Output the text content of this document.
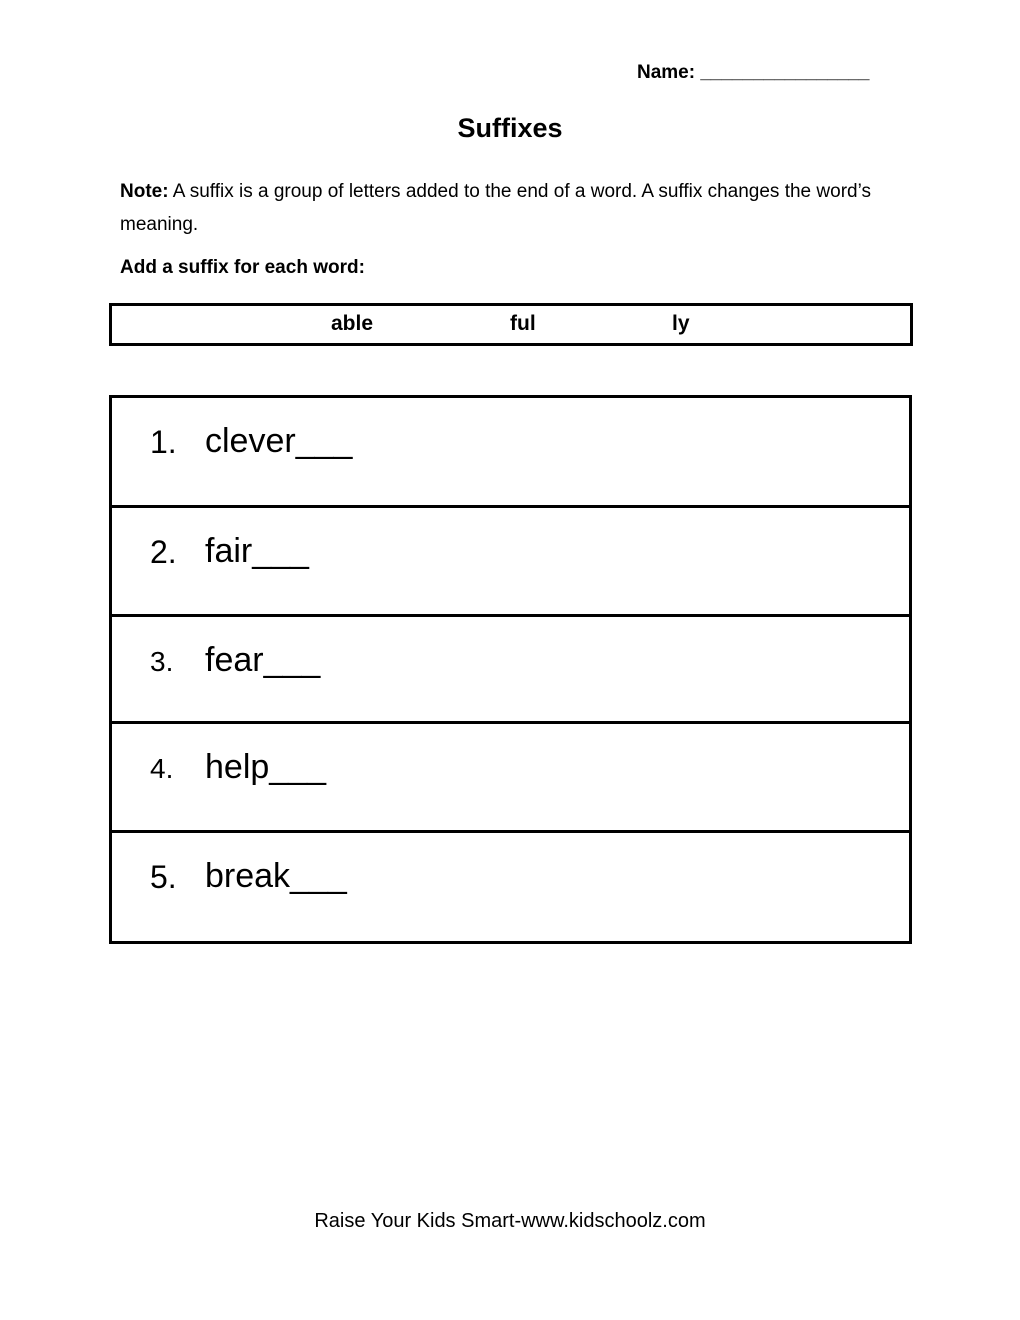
Name: ________________
Suffixes
Note: A suffix is a group of letters added to the end of a word. A suffix changes the word’s meaning.
Add a suffix for each word:
able	ful	ly
1. clever___
2. fair___
3. fear___
4. help___
5. break___
Raise Your Kids Smart-www.kidschoolz.com
